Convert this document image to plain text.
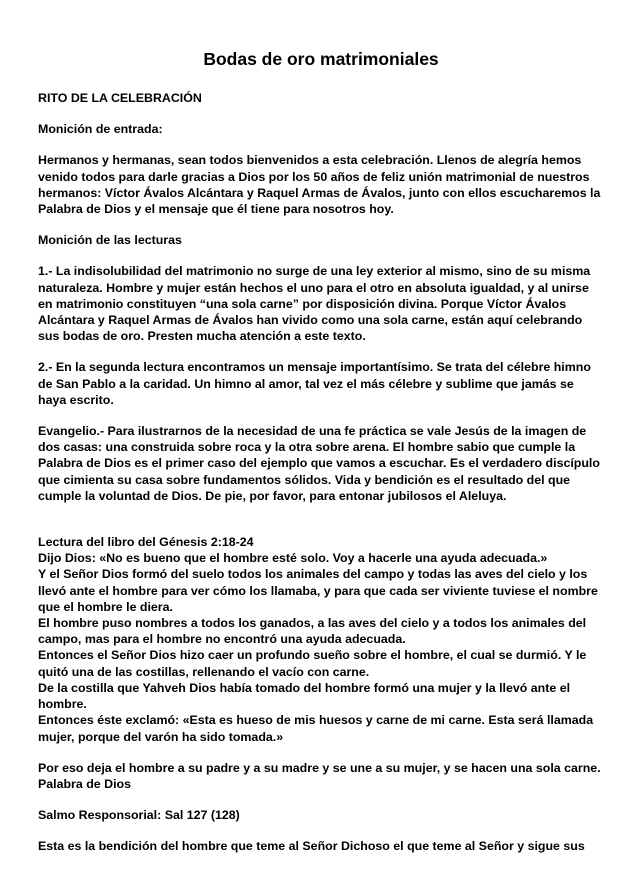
Bodas de oro matrimoniales
RITO DE LA CELEBRACIÓN
Monición de entrada:
Hermanos y hermanas, sean todos bienvenidos a esta celebración. Llenos de alegría hemos venido todos para darle gracias a Dios por los 50 años de feliz unión matrimonial de nuestros hermanos: Víctor Ávalos Alcántara y Raquel Armas de Ávalos, junto con ellos escucharemos la Palabra de Dios y el mensaje que él tiene para nosotros hoy.
Monición de las lecturas
1.- La indisolubilidad del matrimonio no surge de una ley exterior al mismo, sino de su misma naturaleza. Hombre y mujer están hechos el uno para el otro en absoluta igualdad, y al unirse en matrimonio constituyen “una sola carne” por disposición divina. Porque Víctor Ávalos Alcántara y Raquel Armas de Ávalos han vivido como una sola carne, están aquí celebrando sus bodas de oro. Presten mucha atención a este texto.
2.- En la segunda lectura encontramos un mensaje importantísimo. Se trata del célebre himno de San Pablo a la caridad. Un himno al amor, tal vez el más célebre y sublime que jamás se haya escrito.
Evangelio.- Para ilustrarnos de la necesidad de una fe práctica se vale Jesús de la imagen de dos casas: una construida sobre roca y la otra sobre arena. El hombre sabio que cumple la Palabra de Dios es el primer caso del ejemplo que vamos a escuchar. Es el verdadero discípulo que cimienta su casa sobre fundamentos sólidos. Vida y bendición es el resultado del que cumple la voluntad de Dios. De pie, por favor, para entonar jubilosos el Aleluya.
Lectura del libro del Génesis 2:18-24
Dijo Dios: «No es bueno que el hombre esté solo. Voy a hacerle una ayuda adecuada.»
Y el Señor Dios formó del suelo todos los animales del campo y todas las aves del cielo y los llevó ante el hombre para ver cómo los llamaba, y para que cada ser viviente tuviese el nombre que el hombre le diera.
El hombre puso nombres a todos los ganados, a las aves del cielo y a todos los animales del campo, mas para el hombre no encontró una ayuda adecuada.
Entonces el Señor Dios hizo caer un profundo sueño sobre el hombre, el cual se durmió. Y le quitó una de las costillas, rellenando el vacío con carne.
De la costilla que Yahveh Dios había tomado del hombre formó una mujer y la llevó ante el hombre.
Entonces éste exclamó: «Esta es hueso de mis huesos y carne de mi carne. Esta será llamada mujer, porque del varón ha sido tomada.»
Por eso deja el hombre a su padre y a su madre y se une a su mujer, y se hacen una sola carne. Palabra de Dios
Salmo Responsorial: Sal 127 (128)
Esta es la bendición del hombre que teme al Señor Dichoso el que teme al Señor y sigue sus
